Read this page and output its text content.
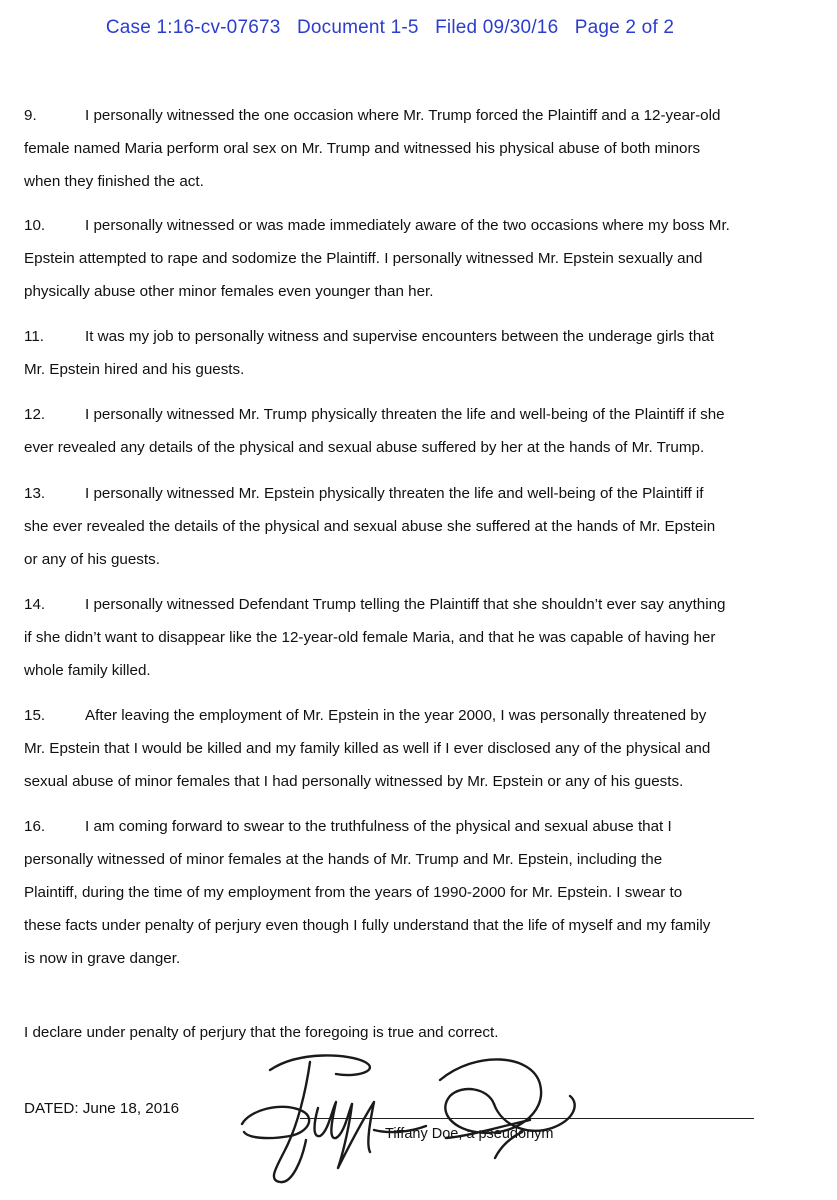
Case 1:16-cv-07673   Document 1-5   Filed 09/30/16   Page 2 of 2
9.	I personally witnessed the one occasion where Mr. Trump forced the Plaintiff and a 12-year-old
female named Maria perform oral sex on Mr. Trump and witnessed his physical abuse of both minors
when they finished the act.
10.	I personally witnessed or was made immediately aware of the two occasions where my boss Mr.
Epstein attempted to rape and sodomize the Plaintiff. I personally witnessed Mr. Epstein sexually and
physically abuse other minor females even younger than her.
11.	It was my job to personally witness and supervise encounters between the underage girls that
Mr. Epstein hired and his guests.
12.	I personally witnessed Mr. Trump physically threaten the life and well-being of the Plaintiff if she
ever revealed any details of the physical and sexual abuse suffered by her at the hands of Mr. Trump.
13.	I personally witnessed Mr. Epstein physically threaten the life and well-being of the Plaintiff if
she ever revealed the details of the physical and sexual abuse she suffered at the hands of Mr. Epstein
or any of his guests.
14.	I personally witnessed Defendant Trump telling the Plaintiff that she shouldn’t ever say anything
if she didn’t want to disappear like the 12-year-old female Maria, and that he was capable of having her
whole family killed.
15.	After leaving the employment of Mr. Epstein in the year 2000, I was personally threatened by
Mr. Epstein that I would be killed and my family killed as well if I ever disclosed any of the physical and
sexual abuse of minor females that I had personally witnessed by Mr. Epstein or any of his guests.
16.	I am coming forward to swear to the truthfulness of the physical and sexual abuse that I
personally witnessed of minor females at the hands of Mr. Trump and Mr. Epstein, including the
Plaintiff, during the time of my employment from the years of 1990-2000 for Mr. Epstein. I swear to
these facts under penalty of perjury even though I fully understand that the life of myself and my family
is now in grave danger.

I declare under penalty of perjury that the foregoing is true and correct.

DATED: June 18, 2016

Tiffany Doe, a pseudonym
